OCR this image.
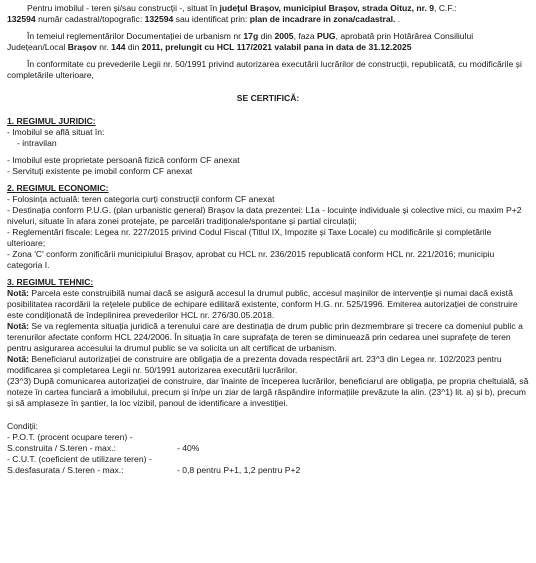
Pentru imobilul - teren și/sau construcții -, situat în județul Brașov, municipiul Brașov, strada Oituz, nr. 9, C.F.:
132594 număr cadastral/topografic: 132594 sau identificat prin: plan de incadrare in zona/cadastral. .

În temeiul reglementărilor Documentației de urbanism nr 17g din 2005, faza PUG, aprobată prin Hotărârea Consiliului Județean/Local Brașov nr. 144 din 2011, prelungit cu HCL 117/2021 valabil pana in data de 31.12.2025

În conformitate cu prevederile Legii nr. 50/1991 privind autorizarea executării lucrărilor de construcții, republicată, cu modificările și completările ulterioare,

SE CERTIFICĂ:

1. REGIMUL JURIDIC:

- Imobilul se află situat în:

- intravilan

- Imobilul este proprietate persoană fizică conform CF anexat

- Servituți existente pe imobil conform CF anexat

2. REGIMUL ECONOMIC:

- Folosința actuală: teren categoria curți construcții conform CF anexat

- Destinația conform P.U.G. (plan urbanistic general) Brașov la data prezentei: L1a - locuințe individuale și colective mici, cu maxim P+2 niveluri, situate în afara zonei protejate, pe parcelări tradiționale/spontane și partial circulații;

- Reglementări fiscale: Legea nr. 227/2015 privind Codul Fiscal (Titlul IX, Impozite și Taxe Locale) cu modificările și completările ulterioare;

- Zona 'C' conform zonificării municipiului Brașov, aprobat cu HCL nr. 236/2015 republicată conform HCL nr. 221/2016; municipiu categoria I.

3. REGIMUL TEHNIC:

Notă: Parcela este construibilă numai dacă se asigură accesul la drumul public, accesul mașinilor de intervenție și numai dacă există posibilitatea racordării la rețelele publice de echipare edilitară existente, conform H.G. nr. 525/1996. Emiterea autorizației de construire este condiționată de îndeplinirea prevederilor HCL nr. 276/30.05.2018.

Notă: Se va reglementa situația juridică a terenului care are destinația de drum public prin dezmembrare și trecere ca domeniul public a terenurilor afectate conform HCL 224/2006. În situația în care suprafața de teren se diminuează prin cedarea unei suprafețe de teren pentru asigurarea accesului la drumul public se va solicita un alt certificat de urbanism.

Notă: Beneficiarul autorizației de construire are obligația de a prezenta dovada respectării art. 23^3 din Legea nr. 102/2023 pentru modificarea și completarea Legii nr. 50/1991 autorizarea executării lucrărilor.

(23^3) După comunicarea autorizației de construire, dar înainte de începerea lucrărilor, beneficiarul are obligația, pe propria cheltuială, să noteze în cartea funciară a imobilului, precum și în/pe un ziar de largă răspândire informațiile prevăzute la alin. (23^1) lit. a) și b), precum și să amplaseze în șantier, la loc vizibil, panoul de identificare a investiției.

Condiții:

- P.O.T. (procent ocupare teren) -

S.construita / S.teren - max.:	- 40%

- C.U.T. (coeficient de utilizare teren) -

S.desfasurata / S.teren - max.:	- 0,8 pentru P+1, 1,2 pentru P+2
